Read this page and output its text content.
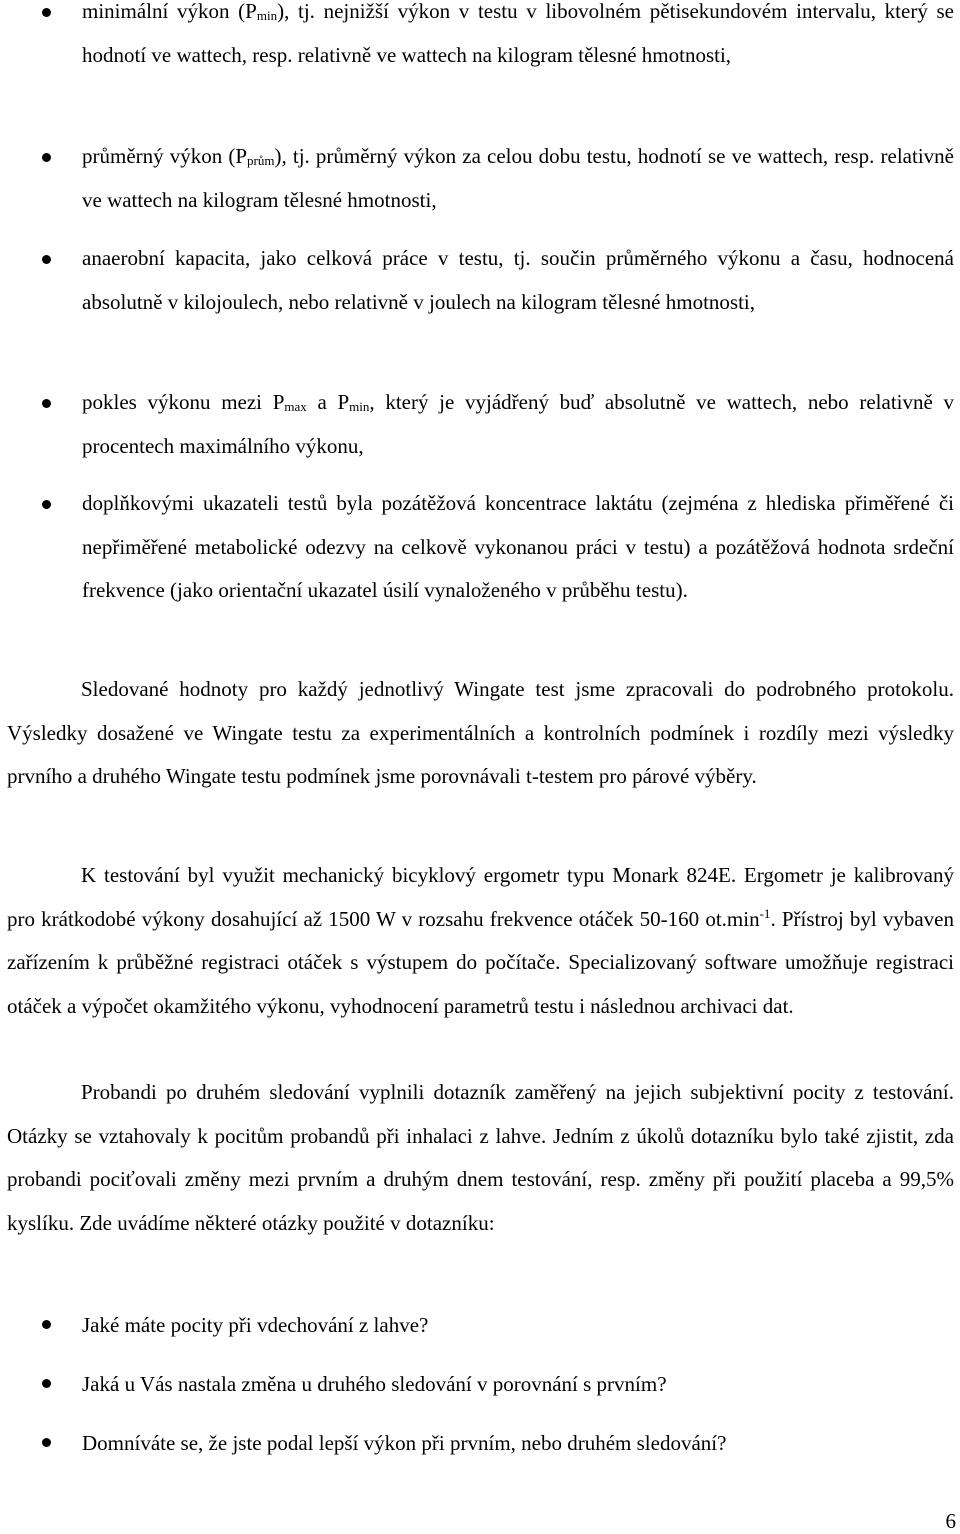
minimální výkon $(P_{min})$, tj. nejnižší výkon v testu v libovolném pětisekundovém intervalu, který se hodnotí ve wattech, resp. relativně ve wattech na kilogram tělesné hmotnosti,

průměrný výkon $(P_{prům})$, tj. průměrný výkon za celou dobu testu, hodnotí se ve wattech, resp. relativně ve wattech na kilogram tělesné hmotnosti,

anaerobní kapacita, jako celková práce v testu, tj. součin průměrného výkonu a času, hodnocená absolutně v kilojoulech, nebo relativně v joulech na kilogram tělesné hmotnosti,

pokles výkonu mezi $P_{max}$ a $P_{min}$, který je vyjádřený buď absolutně ve wattech, nebo relativně v procentech maximálního výkonu,

doplňkovými ukazateli testů byla pozátěžová koncentrace laktátu (zejména z hlediska přiměřené či nepřiměřené metabolické odezvy na celkově vykonanou práci v testu) a pozátěžová hodnota srdeční frekvence (jako orientační ukazatel úsilí vynaloženého v průběhu testu).

Sledované hodnoty pro každý jednotlivý Wingate test jsme zpracovali do podrobného protokolu. Výsledky dosažené ve Wingate testu za experimentálních a kontrolních podmínek i rozdíly mezi výsledky prvního a druhého Wingate testu podmínek jsme porovnávali t-testem pro párové výběry.

K testování byl využit mechanický bicyklový ergometr typu Monark 824E. Ergometr je kalibrovaný pro krátkodobé výkony dosahující až 1500 W v rozsahu frekvence otáček 50-160 $ot.\min^{-1}$. Přístroj byl vybaven zařízením k průběžné registraci otáček s výstupem do počítače. Specializovaný software umožňuje registraci otáček a výpočet okamžitého výkonu, vyhodnocení parametrů testu i následnou archivaci dat.

Probandi po druhém sledování vyplnili dotazník zaměřený na jejich subjektivní pocity z testování. Otázky se vztahovaly k pocitům probandů při inhalaci z lahve. Jedním z úkolů dotazníku bylo také zjistit, zda probandi pociťovali změny mezi prvním a druhým dnem testování, resp. změny při použití placeba a 99,5% kyslíku. Zde uvádíme některé otázky použité v dotazníku:

Jaké máte pocity při vdechování z lahve?

Jaká u Vás nastala změna u druhého sledování v porovnání s prvním?

Domníváte se, že jste podal lepší výkon při prvním, nebo druhém sledování?

6
